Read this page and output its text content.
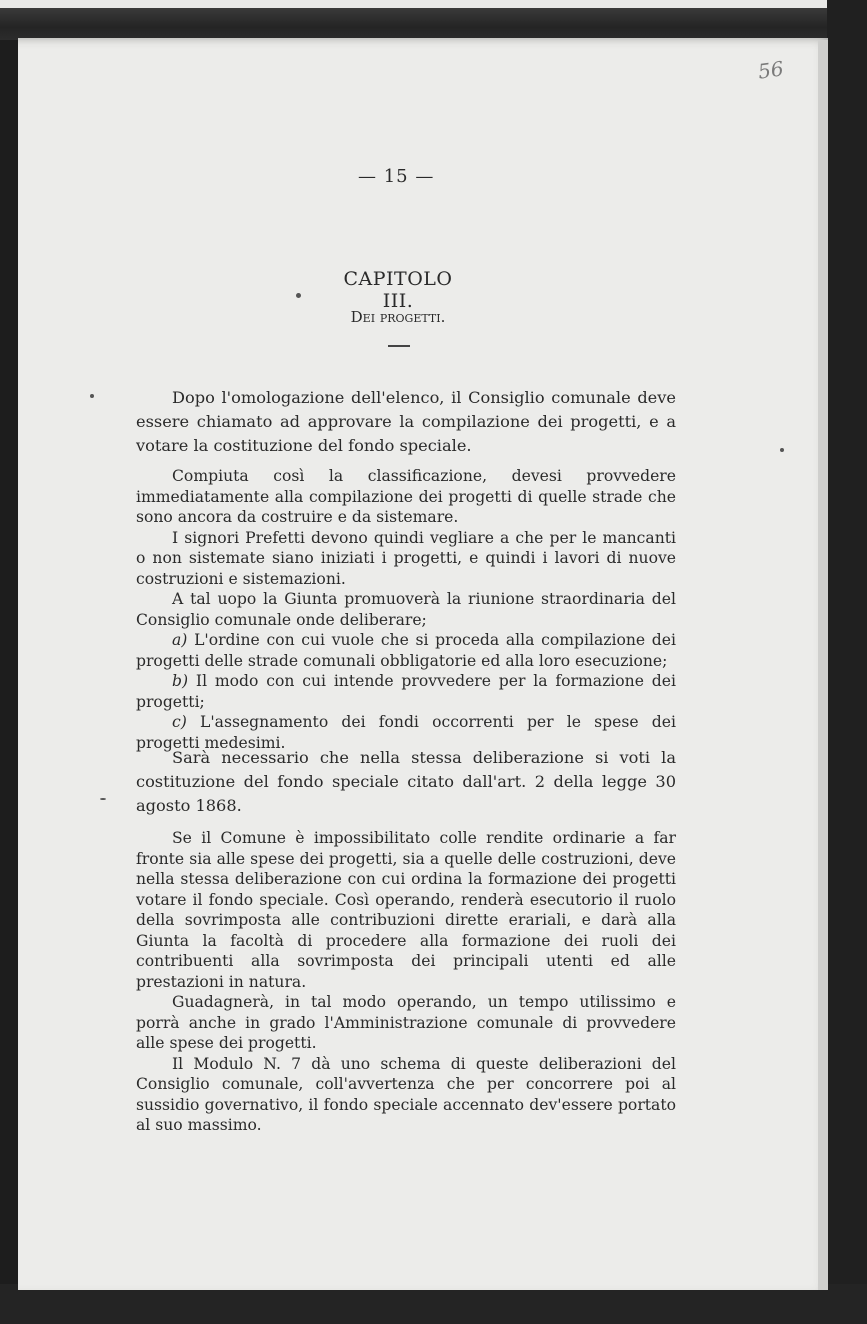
56
— 15 —
CAPITOLO III.
Dei progetti.

Dopo l'omologazione dell'elenco, il Consiglio comunale deve essere chiamato ad approvare la compilazione dei progetti, e a votare la costituzione del fondo speciale.

Compiuta così la classificazione, devesi provvedere immediatamente alla compilazione dei progetti di quelle strade che sono ancora da costruire e da sistemare.

I signori Prefetti devono quindi vegliare a che per le mancanti o non sistemate siano iniziati i progetti, e quindi i lavori di nuove costruzioni e sistemazioni.

A tal uopo la Giunta promuoverà la riunione straordinaria del Consiglio comunale onde deliberare;

a) L'ordine con cui vuole che si proceda alla compilazione dei progetti delle strade comunali obbligatorie ed alla loro esecuzione;

b) Il modo con cui intende provvedere per la formazione dei progetti;

c) L'assegnamento dei fondi occorrenti per le spese dei progetti medesimi.

Sarà necessario che nella stessa deliberazione si voti la costituzione del fondo speciale citato dall'art. 2 della legge 30 agosto 1868.

Se il Comune è impossibilitato colle rendite ordinarie a far fronte sia alle spese dei progetti, sia a quelle delle costruzioni, deve nella stessa deliberazione con cui ordina la formazione dei progetti votare il fondo speciale. Così operando, renderà esecutorio il ruolo della sovrimposta alle contribuzioni dirette erariali, e darà alla Giunta la facoltà di procedere alla formazione dei ruoli dei contribuenti alla sovrimposta dei principali utenti ed alle prestazioni in natura.

Guadagnerà, in tal modo operando, un tempo utilissimo e porrà anche in grado l'Amministrazione comunale di provvedere alle spese dei progetti.

Il Modulo N. 7 dà uno schema di queste deliberazioni del Consiglio comunale, coll'avvertenza che per concorrere poi al sussidio governativo, il fondo speciale accennato dev'essere portato al suo massimo.
